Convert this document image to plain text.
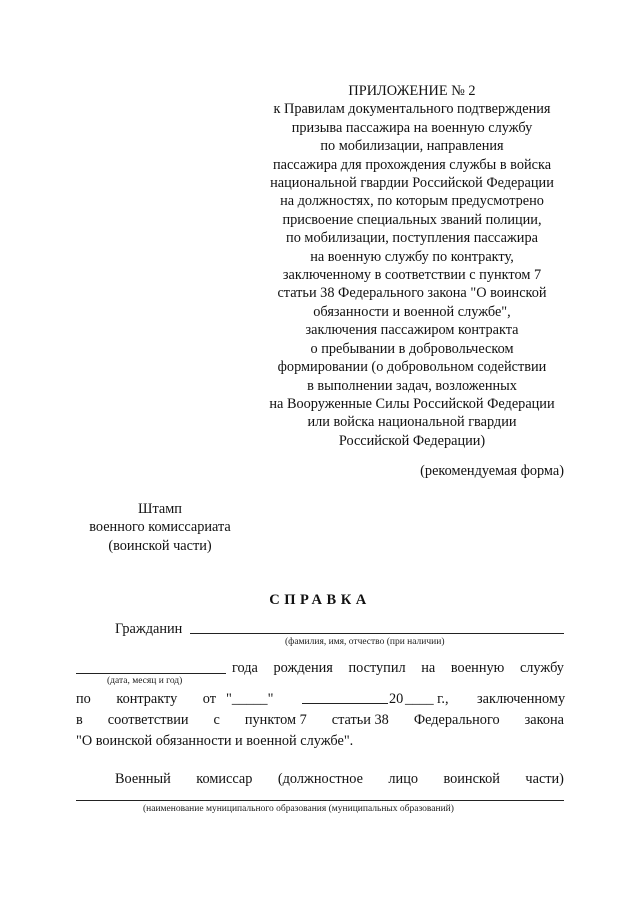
ПРИЛОЖЕНИЕ № 2
к Правилам документального подтверждения
призыва пассажира на военную службу
по мобилизации, направления
пассажира для прохождения службы в войска
национальной гвардии Российской Федерации
на должностях, по которым предусмотрено
присвоение специальных званий полиции,
по мобилизации, поступления пассажира
на военную службу по контракту,
заключенному в соответствии с пунктом 7
статьи 38 Федерального закона "О воинской
обязанности и военной службе",
заключения пассажиром контракта
о пребывании в добровольческом
формировании (о добровольном содействии
в выполнении задач, возложенных
на Вооруженные Силы Российской Федерации
или войска национальной гвардии
Российской Федерации)
(рекомендуемая форма)
Штамп
военного комиссариата
(воинской части)
СПРАВКА
Гражданин
(фамилия, имя, отчество (при наличии)
(дата, месяц и год)
года рождения поступил на военную службу
по контракту от "_____"	20 ____ г., заключенному
в соответствии с пунктом 7 статьи 38 Федерального закона
"О воинской обязанности и военной службе".
Военный комиссар (должностное лицо воинской части)
(наименование муниципального образования (муниципальных образований)
